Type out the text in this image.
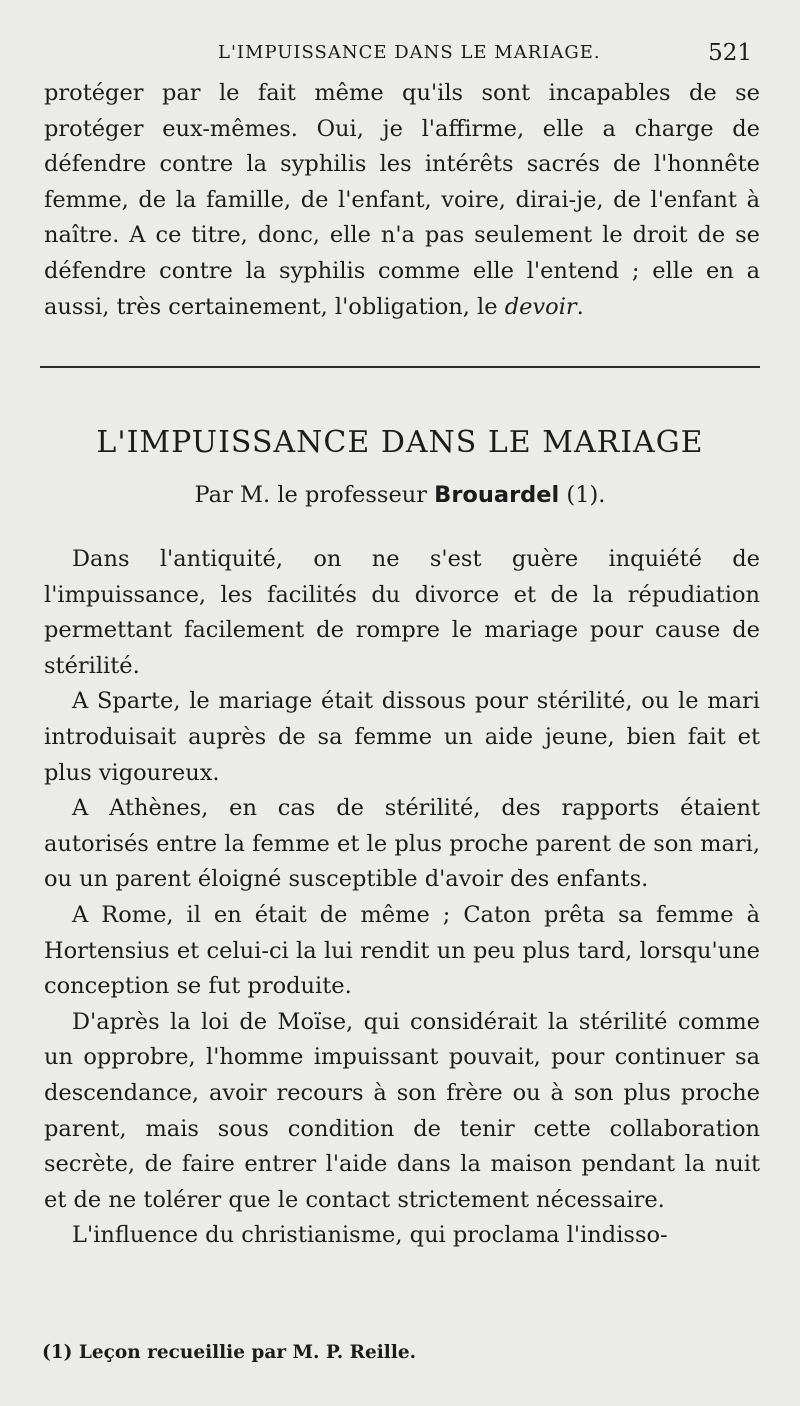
L'IMPUISSANCE DANS LE MARIAGE.	521

protéger par le fait même qu'ils sont incapables de se protéger eux-mêmes. Oui, je l'affirme, elle a charge de défendre contre la syphilis les intérêts sacrés de l'honnête femme, de la famille, de l'enfant, voire, dirai-je, de l'enfant à naître. A ce titre, donc, elle n'a pas seulement le droit de se défendre contre la syphilis comme elle l'entend ; elle en a aussi, très certainement, l'obligation, le devoir.

L'IMPUISSANCE DANS LE MARIAGE
Par M. le professeur Brouardel (1).

Dans l'antiquité, on ne s'est guère inquiété de l'impuissance, les facilités du divorce et de la répudiation permettant facilement de rompre le mariage pour cause de stérilité.

A Sparte, le mariage était dissous pour stérilité, ou le mari introduisait auprès de sa femme un aide jeune, bien fait et plus vigoureux.

A Athènes, en cas de stérilité, des rapports étaient autorisés entre la femme et le plus proche parent de son mari, ou un parent éloigné susceptible d'avoir des enfants.

A Rome, il en était de même ; Caton prêta sa femme à Hortensius et celui-ci la lui rendit un peu plus tard, lorsqu'une conception se fut produite.

D'après la loi de Moïse, qui considérait la stérilité comme un opprobre, l'homme impuissant pouvait, pour continuer sa descendance, avoir recours à son frère ou à son plus proche parent, mais sous condition de tenir cette collaboration secrète, de faire entrer l'aide dans la maison pendant la nuit et de ne tolérer que le contact strictement nécessaire.

L'influence du christianisme, qui proclama l'indisso-

(1) Leçon recueillie par M. P. Reille.
